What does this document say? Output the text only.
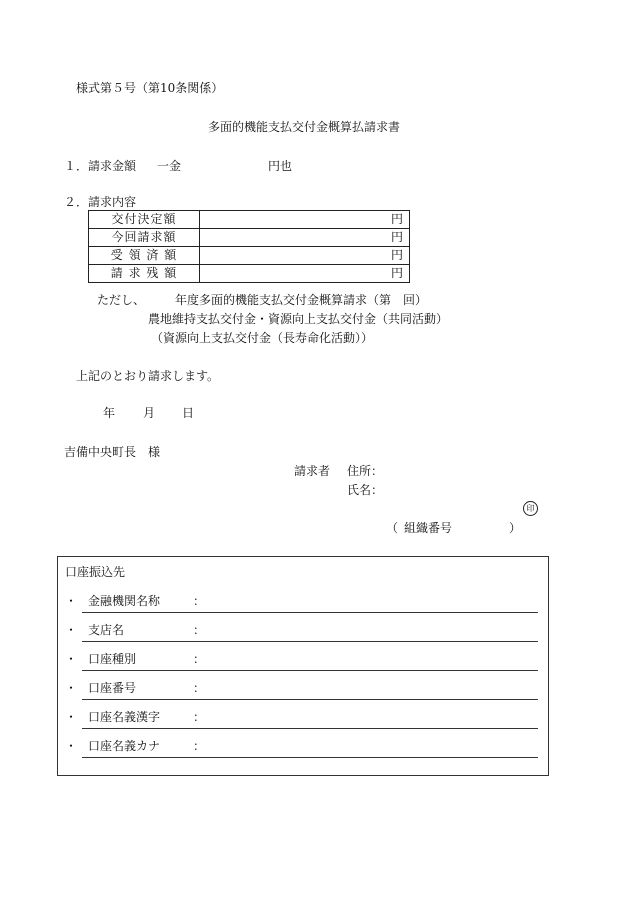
様式第５号（第10条関係）
多面的機能支払交付金概算払請求書
１．請求金額 一金	円也
２．請求内容
交付決定額	円
今回請求額	円
受 領 済 額	円
請 求 残 額	円
ただし、 年度多面的機能支払交付金概算請求（第　回）
農地維持支払交付金・資源向上支払交付金（共同活動）
（資源向上支払交付金（長寿命化活動））
上記のとおり請求します。
年 月 日
吉備中央町長　様
請求者 住所：
氏名：
印
（ 組織番号	）
口座振込先
・ 金融機関名称	：
・ 支店名	：
・ 口座種別	：
・ 口座番号	：
・ 口座名義漢字	：
・ 口座名義カナ	：
